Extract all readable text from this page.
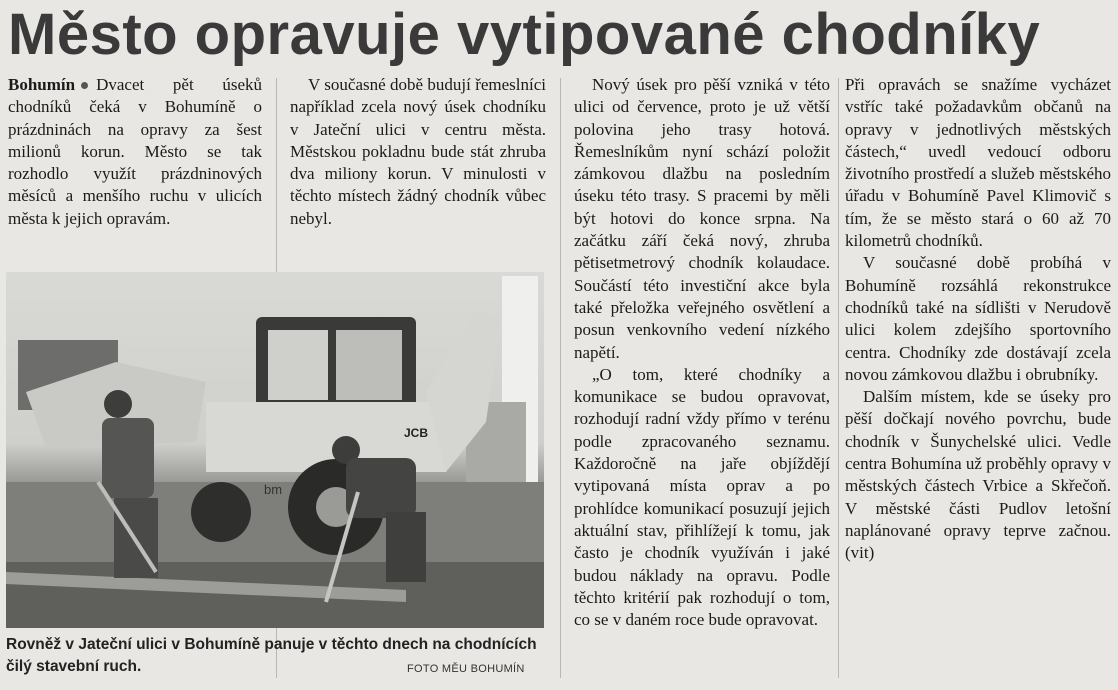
Město opravuje vytipované chodníky

Bohumín Dvacet pět úseků chodníků čeká v Bohumíně o prázdninách na opravy za šest milionů korun. Město se tak rozhodlo využít prázdninových měsíců a menšího ruchu v ulicích města k jejich opravám.

V současné době budují řemeslníci například zcela nový úsek chodníku v Jateční ulici v centru města. Městskou pokladnu bude stát zhruba dva miliony korun. V minulosti v těchto místech žádný chodník vůbec nebyl.

Nový úsek pro pěší vzniká v této ulici od července, proto je už větší polovina jeho trasy hotová. Řemeslníkům nyní schází položit zámkovou dlažbu na posledním úseku této trasy. S pracemi by měli být hotovi do konce srpna. Na začátku září čeká nový, zhruba pětisetmetrový chodník kolaudace. Součástí této investiční akce byla také přeložka veřejného osvětlení a posun venkovního vedení nízkého napětí.

„O tom, které chodníky a komunikace se budou opravovat, rozhodují radní vždy přímo v terénu podle zpracovaného seznamu. Každoročně na jaře objíždějí vytipovaná místa oprav a po prohlídce komunikací posuzují jejich aktuální stav, přihlížejí k tomu, jak často je chodník využíván i jaké budou náklady na opravu. Podle těchto kritérií pak rozhodují o tom, co se v daném roce bude opravovat.

Při opravách se snažíme vycházet vstříc také požadavkům občanů na opravy v jednotlivých městských částech,“ uvedl vedoucí odboru životního prostředí a služeb městského úřadu v Bohumíně Pavel Klimovič s tím, že se město stará o 60 až 70 kilometrů chodníků.

V současné době probíhá v Bohumíně rozsáhlá rekonstrukce chodníků také na sídlišti v Nerudově ulici kolem zdejšího sportovního centra. Chodníky zde dostávají zcela novou zámkovou dlažbu i obrubníky.

Dalším místem, kde se úseky pro pěší dočkají nového povrchu, bude chodník v Šunychelské ulici. Vedle centra Bohumína už proběhly opravy v městských částech Vrbice a Skřečoň. V městské části Pudlov letošní naplánované opravy teprve začnou. (vit)

bm
JCB
Rovněž v Jateční ulici v Bohumíně panuje v těchto dnech na chodnících čilý stavební ruch.	FOTO MĚU BOHUMÍN
